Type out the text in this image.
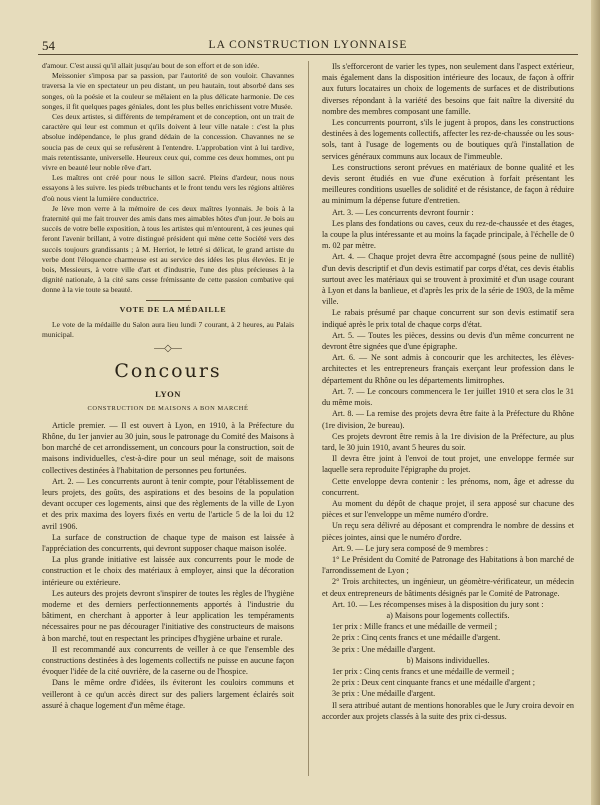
54	LA CONSTRUCTION LYONNAISE

d'amour. C'est aussi qu'il allait jusqu'au bout de son effort et de son idée.

Meissonier s'imposa par sa passion, par l'autorité de son vouloir. Chavannes traversa la vie en spectateur un peu distant, un peu hautain, tout absorbé dans ses songes, où la poésie et la couleur se mêlaient en la plus délicate harmonie. De ces songes, il fit quelques pages géniales, dont les plus belles enrichissent votre Musée.

Ces deux artistes, si différents de tempérament et de conception, ont un trait de caractère qui leur est commun et qu'ils doivent à leur ville natale : c'est la plus absolue indépendance, le plus grand dédain de la concession. Chavannes ne se soucia pas de ceux qui se refusèrent à l'entendre. L'approbation vint à lui tardive, mais retentissante, universelle. Heureux ceux qui, comme ces deux hommes, ont pu vivre en beauté leur noble rêve d'art.

Les maîtres ont créé pour nous le sillon sacré. Pleins d'ardeur, nous nous essayons à les suivre. les pieds trébuchants et le front tendu vers les régions altières d'où nous vient la lumière conductrice.

Je lève mon verre à la mémoire de ces deux maîtres lyonnais. Je bois à la fraternité qui me fait trouver des amis dans mes aimables hôtes d'un jour. Je bois au succès de votre belle exposition, à tous les artistes qui m'entourent, à ces jeunes qui feront l'avenir brillant, à votre distingué président qui mène cette Société vers des succès toujours grandissants ; à M. Herriot, le lettré si délicat, le grand artiste du verbe dont l'éloquence charmeuse est au service des idées les plus élevées. Et je bois, Messieurs, à votre ville d'art et d'industrie, l'une des plus précieuses à la dignité nationale, à la cité sans cesse frémissante de cette passion combative qui donne à la vie toute sa beauté.

VOTE DE LA MÉDAILLE

Le vote de la médaille du Salon aura lieu lundi 7 courant, à 2 heures, au Palais municipal.

—◇—
Concours
LYON
CONSTRUCTION DE MAISONS A BON MARCHÉ

Article premier. — Il est ouvert à Lyon, en 1910, à la Préfecture du Rhône, du 1er janvier au 30 juin, sous le patronage du Comité des Maisons à bon marché de cet arrondissement, un concours pour la construction, soit de maisons individuelles, c'est-à-dire pour un seul ménage, soit de maisons collectives destinées à l'habitation de personnes peu fortunées.

Art. 2. — Les concurrents auront à tenir compte, pour l'établissement de leurs projets, des goûts, des aspirations et des besoins de la population devant occuper ces logements, ainsi que des règlements de la ville de Lyon et des prix maxima des loyers fixés en vertu de l'article 5 de la loi du 12 avril 1906.

La surface de construction de chaque type de maison est laissée à l'appréciation des concurrents, qui devront supposer chaque maison isolée.

La plus grande initiative est laissée aux concurrents pour le mode de construction et le choix des matériaux à employer, ainsi que la décoration intérieure ou extérieure.

Les auteurs des projets devront s'inspirer de toutes les règles de l'hygiène moderne et des derniers perfectionnements apportés à l'industrie du bâtiment, en cherchant à apporter à leur application les tempéraments nécessaires pour ne pas décourager l'initiative des constructeurs de maisons à bon marché, tout en respectant les principes d'hygiène urbaine et rurale.

Il est recommandé aux concurrents de veiller à ce que l'ensemble des constructions destinées à des logements collectifs ne puisse en aucune façon évoquer l'idée de la cité ouvrière, de la caserne ou de l'hospice.

Dans le même ordre d'idées, ils éviteront les couloirs communs et veilleront à ce qu'un accès direct sur des paliers largement éclairés soit assuré à chaque logement d'un même étage.

Ils s'efforceront de varier les types, non seulement dans l'aspect extérieur, mais également dans la disposition intérieure des locaux, de façon à offrir aux futurs locataires un choix de logements de surfaces et de distributions diverses répondant à la variété des besoins que fait naître la diversité du nombre des membres composant une famille.

Les concurrents pourront, s'ils le jugent à propos, dans les constructions destinées à des logements collectifs, affecter les rez-de-chaussée ou les sous-sols, tant à l'usage de logements ou de boutiques qu'à l'installation de services généraux communs aux locaux de l'immeuble.

Les constructions seront prévues en matériaux de bonne qualité et les devis seront étudiés en vue d'une exécution à forfait présentant les meilleures conditions usuelles de solidité et de résistance, de façon à réduire au minimum la dépense future d'entretien.

Art. 3. — Les concurrents devront fournir :

Les plans des fondations ou caves, ceux du rez-de-chaussée et des étages, la coupe la plus intéressante et au moins la façade principale, à l'échelle de 0 m. 02 par mètre.

Art. 4. — Chaque projet devra être accompagné (sous peine de nullité) d'un devis descriptif et d'un devis estimatif par corps d'état, ces devis établis surtout avec les matériaux qui se trouvent à proximité et d'un usage courant à Lyon et dans la banlieue, et d'après les prix de la série de 1903, de la même ville.

Le rabais présumé par chaque concurrent sur son devis estimatif sera indiqué après le prix total de chaque corps d'état.

Art. 5. — Toutes les pièces, dessins ou devis d'un même concurrent ne devront être signées que d'une épigraphe.

Art. 6. — Ne sont admis à concourir que les architectes, les élèves-architectes et les entrepreneurs français exerçant leur profession dans le département du Rhône ou les départements limitrophes.

Art. 7. — Le concours commencera le 1er juillet 1910 et sera clos le 31 du même mois.

Art. 8. — La remise des projets devra être faite à la Préfecture du Rhône (1re division, 2e bureau).

Ces projets devront être remis à la 1re division de la Préfecture, au plus tard, le 30 juin 1910, avant 5 heures du soir.

Il devra être joint à l'envoi de tout projet, une enveloppe fermée sur laquelle sera reproduite l'épigraphe du projet.

Cette enveloppe devra contenir : les prénoms, nom, âge et adresse du concurrent.

Au moment du dépôt de chaque projet, il sera apposé sur chacune des pièces et sur l'enveloppe un même numéro d'ordre.

Un reçu sera délivré au déposant et comprendra le nombre de dessins et pièces jointes, ainsi que le numéro d'ordre.

Art. 9. — Le jury sera composé de 9 membres :

1° Le Président du Comité de Patronage des Habitations à bon marché de l'arrondissement de Lyon ;

2° Trois architectes, un ingénieur, un géomètre-vérificateur, un médecin et deux entrepreneurs de bâtiments désignés par le Comité de Patronage.

Art. 10. — Les récompenses mises à la disposition du jury sont :

a) Maisons pour logements collectifs.

1er prix : Mille francs et une médaille de vermeil ;

2e prix : Cinq cents francs et une médaille d'argent.

3e prix : Une médaille d'argent.

b) Maisons individuelles.

1er prix : Cinq cents francs et une médaille de vermeil ;

2e prix : Deux cent cinquante francs et une médaille d'argent ;

3e prix : Une médaille d'argent.

Il sera attribué autant de mentions honorables que le Jury croira devoir en accorder aux projets classés à la suite des prix ci-dessus.
